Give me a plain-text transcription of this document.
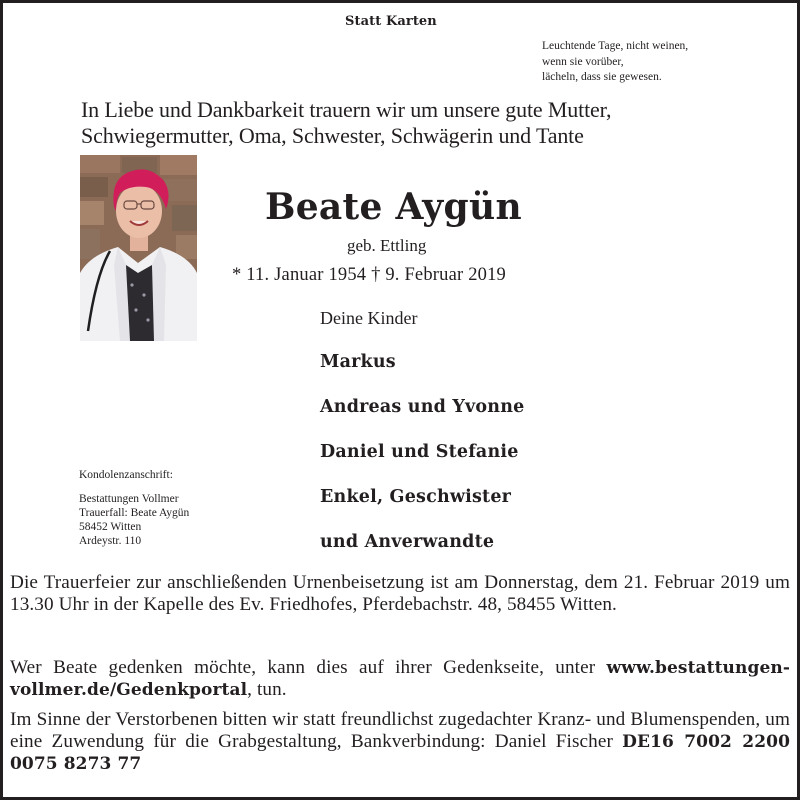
Statt Karten
Leuchtende Tage, nicht weinen,
wenn sie vorüber,
lächeln, dass sie gewesen.
In Liebe und Dankbarkeit trauern wir um unsere gute Mutter,
Schwiegermutter, Oma, Schwester, Schwägerin und Tante
Beate Aygün
geb. Ettling
* 11. Januar 1954 † 9. Februar 2019
Deine Kinder
Markus
Andreas und Yvonne
Daniel und Stefanie
Enkel, Geschwister
und Anverwandte
Kondolenzanschrift:
Bestattungen Vollmer
Trauerfall: Beate Aygün
58452 Witten
Ardeystr. 110
Die Trauerfeier zur anschließenden Urnenbeisetzung ist am Donnerstag, dem 21. Februar 2019 um 13.30 Uhr in der Kapelle des Ev. Friedhofes, Pferdebachstr. 48, 58455 Witten.
Wer Beate gedenken möchte, kann dies auf ihrer Gedenkseite, unter www.bestattungen-vollmer.de/Gedenkportal, tun.
Im Sinne der Verstorbenen bitten wir statt freundlichst zugedachter Kranz- und Blumenspenden, um eine Zuwendung für die Grabgestaltung, Bankverbindung: Daniel Fischer DE16 7002 2200 0075 8273 77
